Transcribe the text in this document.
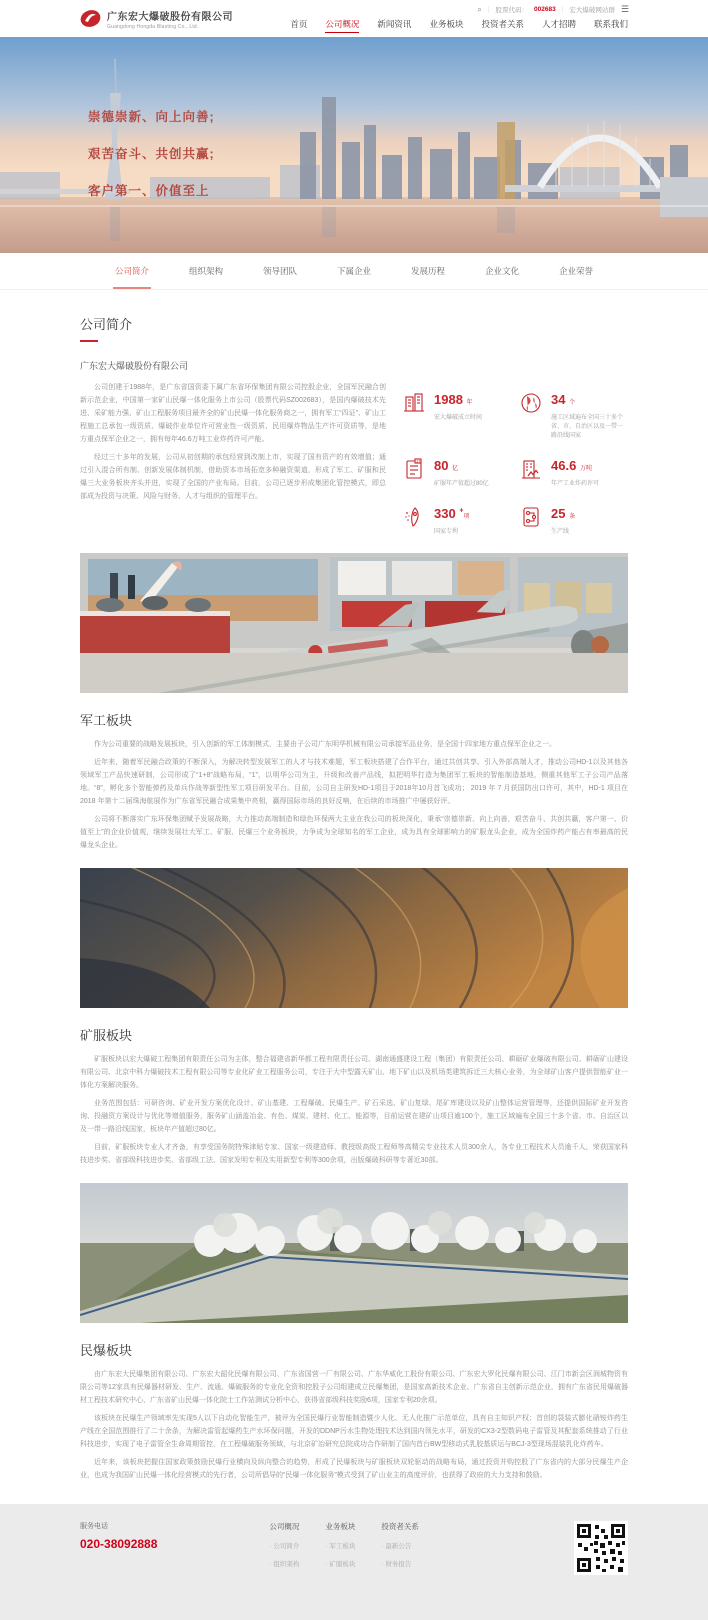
广东宏大爆破股份有限公司
Guangdong Hongda Blasting Co., Ltd.
⌕ | 股票代码： 002683 | 宏大爆破网站群 ☰
首页 公司概况 新闻资讯 业务板块 投资者关系 人才招聘 联系我们
崇德崇新、向上向善;
艰苦奋斗、共创共赢;
客户第一、价值至上
公司简介	组织架构	领导团队	下属企业	发展历程	企业文化	企业荣誉
公司简介
广东宏大爆破股份有限公司

公司创建于1988年，是广东省国资委下属广东省环保集团有限公司控股企业，全国军民融合创新示范企业，中国第一家矿山民爆一体化服务上市公司（股票代码SZ002683），是国内爆破技术先进、采矿能力强、矿山工程服务项目最齐全的矿山民爆一体化服务商之一，拥有军工“四证”、矿山工程施工总承包一级资质、爆破作业单位许可营业性一级资质、民用爆炸物品生产许可资质等，是地方重点保军企业之一，拥有每年46.6万吨工业炸药许可产能。

经过三十多年的发展，公司从初创期的承包经营到改制上市，实现了国有资产的有效增值；通过引入混合所有制、创新发展体制机制，借助资本市场拓宽多种融资渠道，形成了军工、矿服和民爆三大业务板块齐头并进，实现了全国的产业布局。目前，公司已逐步形成集团化管控模式，即总部成为投资与决策、风险与财务、人才与组织的管理平台。

1988 年
宏大爆破成立时间
34 个
施工区域遍布全国三十多个省、市、自治区以及一带一路沿线国家
17 80 亿
矿服年产值超过80亿
46.6 万吨
年产工业炸药许可
330 +项
国家专利
25 条
生产线
军工板块

作为公司重要的战略发展板块，引入创新的军工体制模式，主要由子公司广东明华机械有限公司承接军品业务，是全国十四家地方重点保军企业之一。

近年来，随着军民融合政策的不断深入，为解决转型发展军工的人才与技术难题，军工板块搭建了合作平台，通过共创共享、引入外部高端人才，推动公司HD-1以及其他各领域军工产品快速研制，公司形成了“1+8”战略布局，“1”，以明华公司为主，升级和改善产品线，拟把明华打造为集团军工板块的智能制造基地，侧重其他军工子公司产品落地。“8”，孵化多个智能弹药及单兵作战等新型性军工项目研发平台。目前，公司自主研发HD-1项目于2018年10月首飞成功； 2019 年 7 月获国防出口许可，其中，HD-1 项目在 2018 年第十二届珠海航展作为广东省军民融合成果集中亮相，赢得国际市场的良好反响，在后续的市场推广中屡获好评。

公司将不断落实广东环保集团赋予发展战略，大力推动高端制造和绿色环保两大主业在我公司的板块深化，秉承“崇德崇新、向上向善，艰苦奋斗、共创共赢，客户第一、价值至上”的企业价值观，继续发展壮大军工、矿服、民爆三个业务板块，力争成为全球知名的军工企业，成为具有全球影响力的矿服龙头企业，成为全国炸药产能占有率最高的民爆龙头企业。

矿服板块

矿服板块以宏大爆破工程集团有限责任公司为主体，整合福建省新华都工程有限责任公司、湖南通盛建设工程（集团）有限责任公司、耕砺矿业爆破有限公司、耕砺矿山建设有限公司、北京中科力爆破技术工程有限公司等专业化矿业工程服务公司，专注于大中型露天矿山、地下矿山以及机场类建筑拆迁三大核心业务，为全球矿山客户提供智能矿业一体化方案解决服务。

业务范围包括：可研咨询、矿业开发方案优化设计、矿山基建、工程爆破、民爆生产、矿石采选、矿山复绿、尾矿库建设以及矿山整体运营管理等，还提供国际矿业开发咨询、投融资方案设计与优化等增值服务，服务矿山涵盖冶金、有色、煤炭、建材、化工、能源等，目前运营在建矿山项目逾100个，施工区域遍布全国三十多个省、市、自治区以及一带一路沿线国家，板块年产值超过80亿。

目前，矿服板块专业人才齐备，有享受国务院特殊津贴专家、国家一级建造师、教授级高级工程师等高精尖专业技术人员300余人，各专业工程技术人员逾千人，荣获国家科技进步奖、省部级科技进步奖、省部级工法、国家发明专利及实用新型专利等300余项，出版爆破科研等专著近30部。

民爆板块

由广东宏大民爆集团有限公司、广东宏大韶化民爆有限公司、广东省国营一厂有限公司、广东华威化工股份有限公司、广东宏大罗化民爆有限公司、江门市新会区润城物资有限公司等12家具有民爆器材研发、生产、流通、爆破服务的专业化全资和控股子公司组建成立民爆集团，是国家高新技术企业、广东省自主创新示范企业，拥有广东省民用爆破器材工程技术研究中心、广东省矿山民爆一体化院士工作站测试分析中心，获得省部级科技奖励6项，国家专利20余项。

该板块在民爆生产领域率先实现5人以下自动化智能生产，被评为全国民爆行业智能制造暨少人化、无人化推广示范单位，具有自主知识产权；首创的袋装式膨化硝铵炸药生产线在全国范围推行了二十余条，为解决雷管起爆药生产水环保问题，开发的DDNP污水生物处理技术达到国内领先水平，研发的CX3-2型数码电子雷管及其配套系统推动了行业科技进步，实现了电子雷管全生命周期管控，在工程爆破服务领域，与北京矿冶研究总院成功合作研制了国内首台BW型移动式乳胶基质运与BCJ-3型现场混装乳化炸药车。

近年来，该板块把握住国家政策鼓励民爆行业横向及纵向整合的趋势，形成了民爆板块与矿服板块双轮驱动的战略布局，通过投资并购控股了广东省内的大部分民爆生产企业，也成为我国矿山民爆一体化经营模式的先行者，公司所倡导的“民爆一体化服务”模式受到了矿山业主的高度评价，也获得了政府的大力支持和鼓励。

服务电话
020-38092888
公司概况
· 公司简介
· 组织架构
业务板块
· 军工板块
· 矿服板块
投资者关系
· 最新公告
· 财务报告
